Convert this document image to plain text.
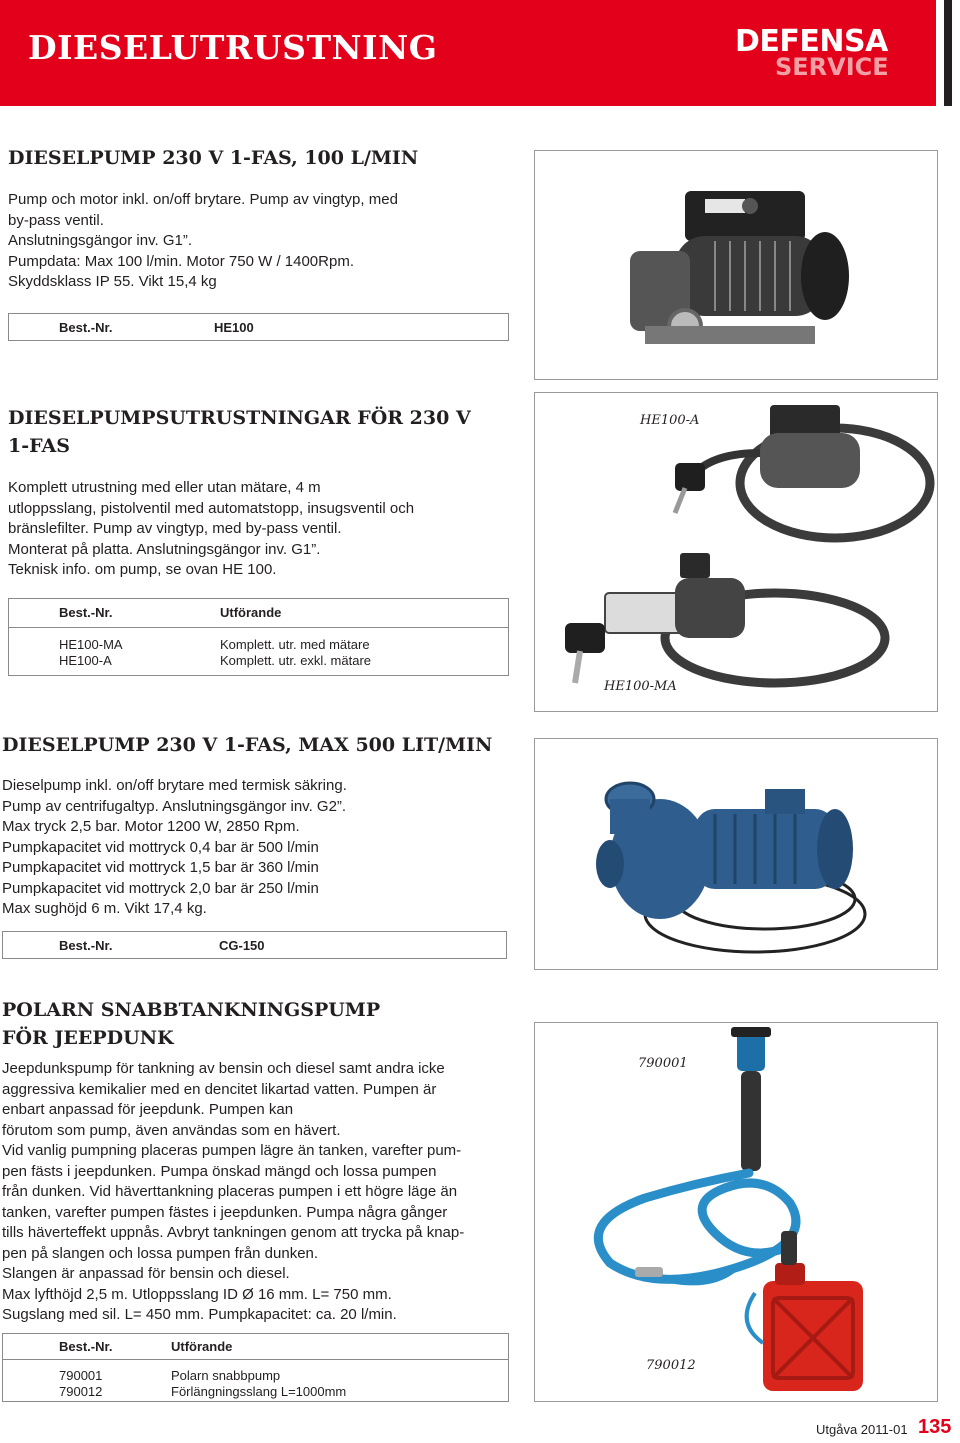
DIESELUTRUSTNING	DEFENSA
SERVICE
DIESELPUMP 230 V 1-FAS, 100 L/MIN
Pump och motor inkl. on/off brytare. Pump av vingtyp, med
by-pass ventil.
Anslutningsgängor inv. G1”.
Pumpdata: Max 100 l/min. Motor 750 W / 1400Rpm.
Skyddsklass IP 55. Vikt 15,4 kg
Best.-Nr.	HE100
DIESELPUMPSUTRUSTNINGAR FÖR 230 V
1-FAS
Komplett utrustning med eller utan mätare, 4 m
utloppsslang, pistolventil med automatstopp, insugsventil och
bränslefilter. Pump av vingtyp, med by-pass ventil.
Monterat på platta. Anslutningsgängor inv. G1”.
Teknisk info. om pump, se ovan HE 100.
Best.-Nr.	Utförande
HE100-MA	Komplett. utr. med mätare
HE100-A	Komplett. utr. exkl. mätare
HE100-A
HE100-MA
DIESELPUMP 230 V 1-FAS, MAX 500 LIT/MIN
Dieselpump inkl. on/off brytare med termisk säkring.
Pump av centrifugaltyp. Anslutningsgängor inv. G2”.
Max tryck 2,5 bar. Motor 1200 W, 2850 Rpm.
Pumpkapacitet vid mottryck 0,4 bar är 500 l/min
Pumpkapacitet vid mottryck 1,5 bar är 360 l/min
Pumpkapacitet vid mottryck 2,0 bar är 250 l/min
Max sughöjd 6 m. Vikt 17,4 kg.
Best.-Nr.	CG-150
POLARN SNABBTANKNINGSPUMP
FÖR JEEPDUNK
Jeepdunkspump för tankning av bensin och diesel samt andra icke
aggressiva kemikalier med en dencitet likartad vatten. Pumpen är
enbart anpassad för jeepdunk. Pumpen kan
förutom som pump, även användas som en hävert.
Vid vanlig pumpning placeras pumpen lägre än tanken, varefter pum-
pen fästs i jeepdunken. Pumpa önskad mängd och lossa pumpen
från dunken. Vid häverttankning placeras pumpen i ett högre läge än
tanken, varefter pumpen fästes i jeepdunken. Pumpa några gånger
tills häverteffekt uppnås. Avbryt tankningen genom att trycka på knap-
pen på slangen och lossa pumpen från dunken.
Slangen är anpassad för bensin och diesel.
Max lyfthöjd 2,5 m. Utloppsslang ID Ø 16 mm. L= 750 mm.
Sugslang med sil. L= 450 mm. Pumpkapacitet: ca. 20 l/min.
Best.-Nr.	Utförande
790001	Polarn snabbpump
790012	Förlängningsslang L=1000mm
790001
790012
Utgåva 2011-01 135
